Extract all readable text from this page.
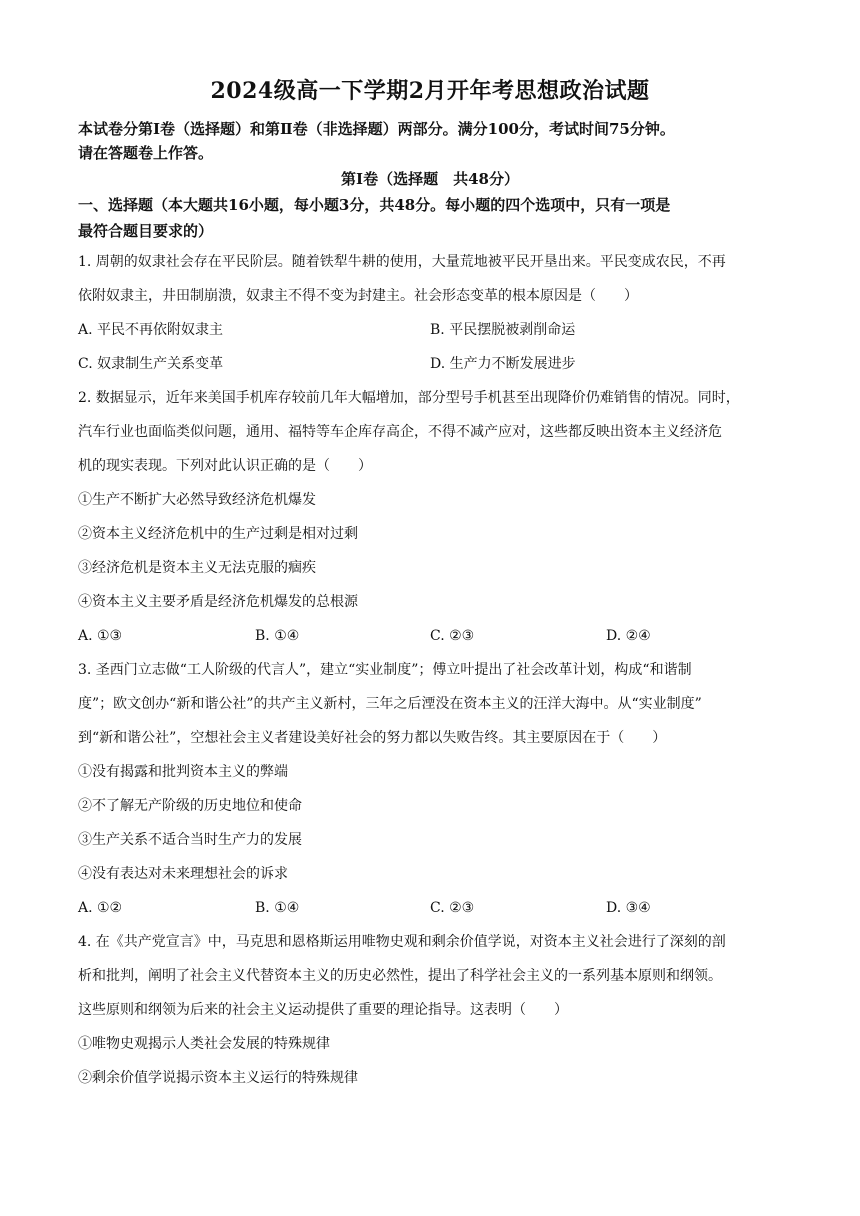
2024级高一下学期2月开年考思想政治试题
本试卷分第Ⅰ卷（选择题）和第Ⅱ卷（非选择题）两部分。满分100分，考试时间75分钟。
请在答题卷上作答。
第Ⅰ卷（选择题　共48分）
一、选择题（本大题共16小题，每小题3分，共48分。每小题的四个选项中，只有一项是
最符合题目要求的）
1. 周朝的奴隶社会存在平民阶层。随着铁犁牛耕的使用，大量荒地被平民开垦出来。平民变成农民，不再
依附奴隶主，井田制崩溃，奴隶主不得不变为封建主。社会形态变革的根本原因是（　　）
A. 平民不再依附奴隶主	B. 平民摆脱被剥削命运
C. 奴隶制生产关系变革	D. 生产力不断发展进步
2. 数据显示，近年来美国手机库存较前几年大幅增加，部分型号手机甚至出现降价仍难销售的情况。同时，
汽车行业也面临类似问题，通用、福特等车企库存高企，不得不减产应对，这些都反映出资本主义经济危
机的现实表现。下列对此认识正确的是（　　）
①生产不断扩大必然导致经济危机爆发
②资本主义经济危机中的生产过剩是相对过剩
③经济危机是资本主义无法克服的痼疾
④资本主义主要矛盾是经济危机爆发的总根源
A. ①③	B. ①④	C. ②③	D. ②④
3. 圣西门立志做“工人阶级的代言人”，建立“实业制度”；傅立叶提出了社会改革计划，构成“和谐制
度”；欧文创办“新和谐公社”的共产主义新村，三年之后湮没在资本主义的汪洋大海中。从“实业制度”
到“新和谐公社”，空想社会主义者建设美好社会的努力都以失败告终。其主要原因在于（　　）
①没有揭露和批判资本主义的弊端
②不了解无产阶级的历史地位和使命
③生产关系不适合当时生产力的发展
④没有表达对未来理想社会的诉求
A. ①②	B. ①④	C. ②③	D. ③④
4. 在《共产党宣言》中，马克思和恩格斯运用唯物史观和剩余价值学说，对资本主义社会进行了深刻的剖
析和批判，阐明了社会主义代替资本主义的历史必然性，提出了科学社会主义的一系列基本原则和纲领。
这些原则和纲领为后来的社会主义运动提供了重要的理论指导。这表明（　　）
①唯物史观揭示人类社会发展的特殊规律
②剩余价值学说揭示资本主义运行的特殊规律
